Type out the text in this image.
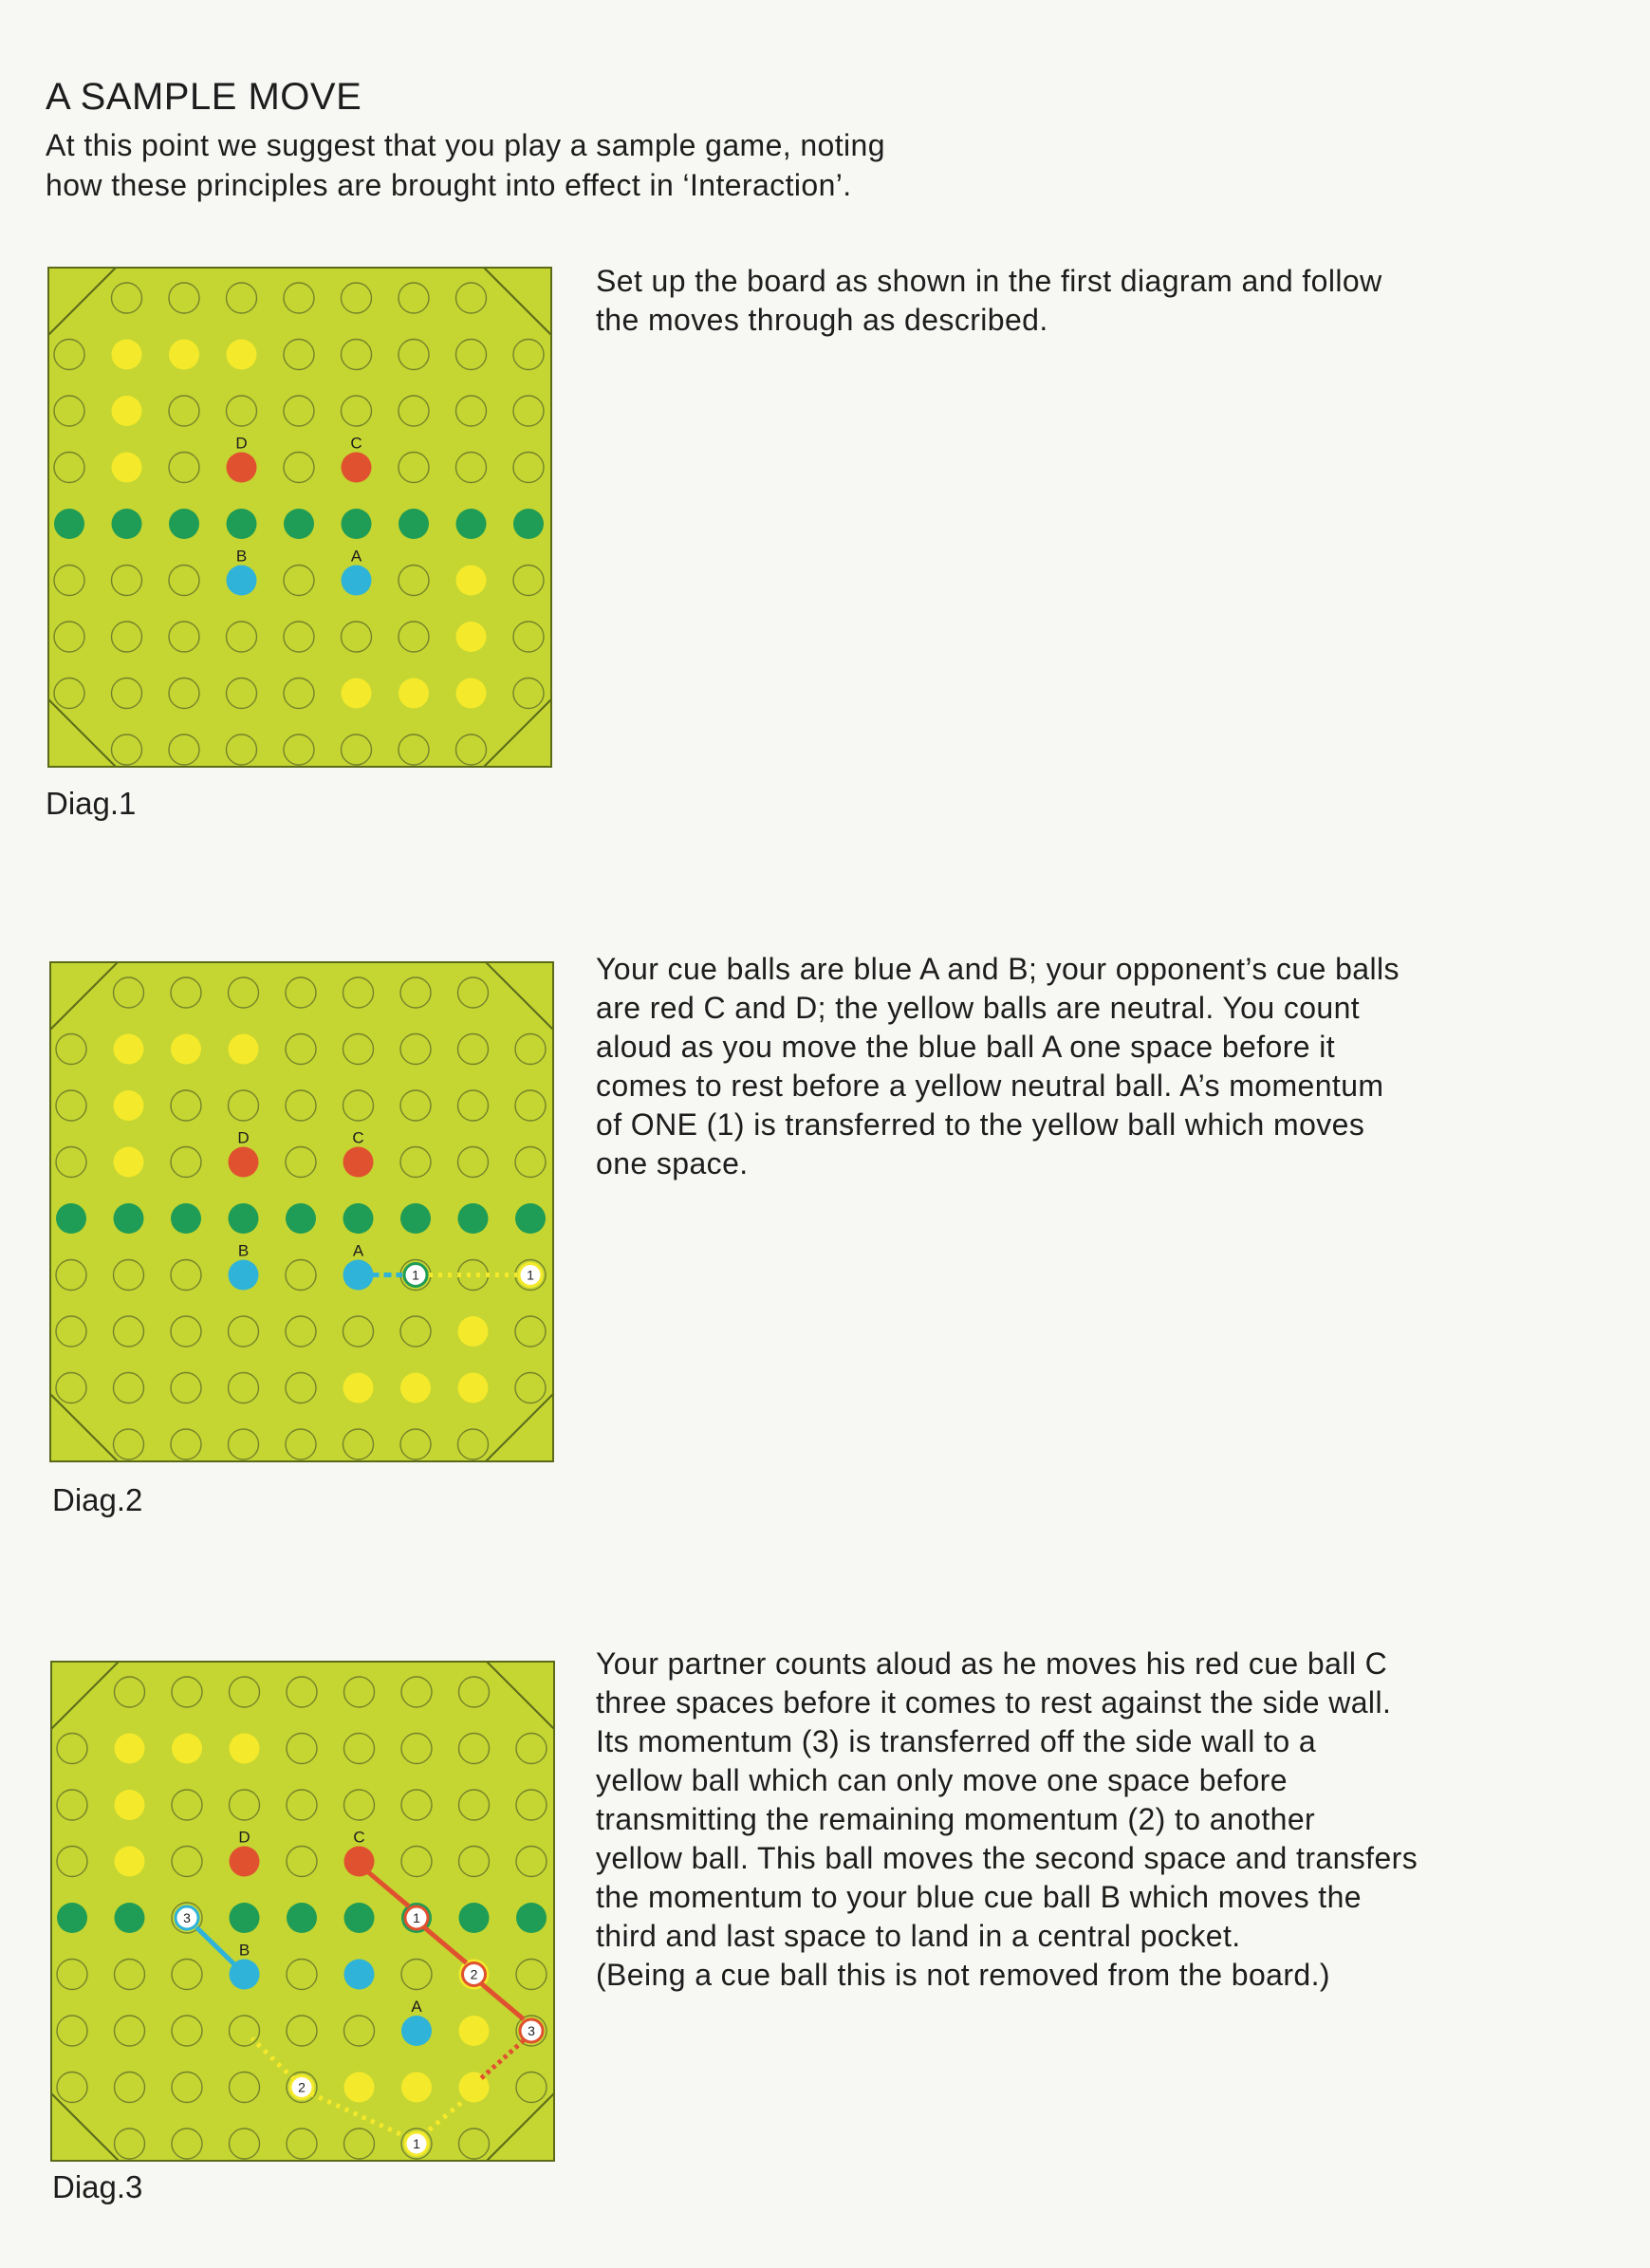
A SAMPLE MOVE

At this point we suggest that you play a sample game, noting
how these principles are brought into effect in ‘Interaction’.

A
B
C
D

Diag.1

Set up the board as shown in the first diagram and follow
the moves through as described.

A
B
C
D
1	1

Diag.2

Your cue balls are blue A and B; your opponent’s cue balls
are red C and D; the yellow balls are neutral. You count
aloud as you move the blue ball A one space before it
comes to rest before a yellow neutral ball. A’s momentum
of ONE (1) is transferred to the yellow ball which moves
one space.

A
B
C
D
1
2
3
3
2
1

Diag.3

Your partner counts aloud as he moves his red cue ball C
three spaces before it comes to rest against the side wall.
Its momentum (3) is transferred off the side wall to a
yellow ball which can only move one space before
transmitting the remaining momentum (2) to another
yellow ball. This ball moves the second space and transfers
the momentum to your blue cue ball B which moves the
third and last space to land in a central pocket.
(Being a cue ball this is not removed from the board.)
